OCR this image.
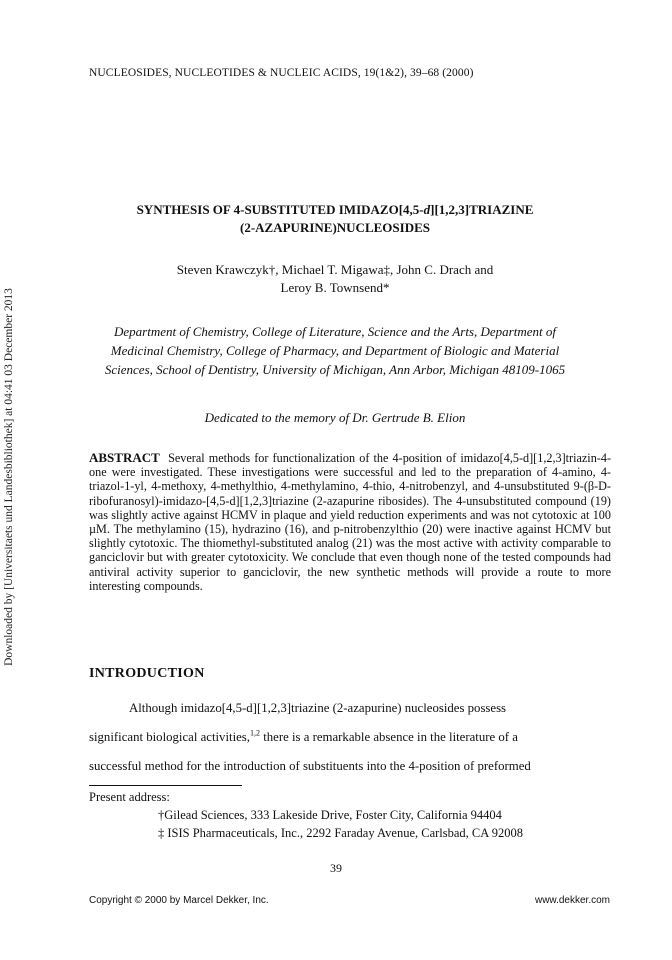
Downloaded by [Universitaets und Landesbibliothek] at 04:41 03 December 2013
NUCLEOSIDES, NUCLEOTIDES & NUCLEIC ACIDS, 19(1&2), 39–68 (2000)
SYNTHESIS OF 4-SUBSTITUTED IMIDAZO[4,5-d][1,2,3]TRIAZINE
(2-AZAPURINE)NUCLEOSIDES
Steven Krawczyk†, Michael T. Migawa‡, John C. Drach and
Leroy B. Townsend*
Department of Chemistry, College of Literature, Science and the Arts, Department of
Medicinal Chemistry, College of Pharmacy, and Department of Biologic and Material
Sciences, School of Dentistry, University of Michigan, Ann Arbor, Michigan 48109-1065
Dedicated to the memory of Dr. Gertrude B. Elion
ABSTRACT Several methods for functionalization of the 4-position of imidazo[4,5-d][1,2,3]triazin-4-one were investigated. These investigations were successful and led to the preparation of 4-amino, 4-triazol-1-yl, 4-methoxy, 4-methylthio, 4-methylamino, 4-thio, 4-nitrobenzyl, and 4-unsubstituted 9-(β-D-ribofuranosyl)-imidazo-[4,5-d][1,2,3]triazine (2-azapurine ribosides). The 4-unsubstituted compound (19) was slightly active against HCMV in plaque and yield reduction experiments and was not cytotoxic at 100 µM. The methylamino (15), hydrazino (16), and p-nitrobenzylthio (20) were inactive against HCMV but slightly cytotoxic. The thiomethyl-substituted analog (21) was the most active with activity comparable to ganciclovir but with greater cytotoxicity. We conclude that even though none of the tested compounds had antiviral activity superior to ganciclovir, the new synthetic methods will provide a route to more interesting compounds.
INTRODUCTION
Although imidazo[4,5-d][1,2,3]triazine (2-azapurine) nucleosides possess
significant biological activities,$^{1,2}$ there is a remarkable absence in the literature of a
successful method for the introduction of substituents into the 4-position of preformed
Present address:
†Gilead Sciences, 333 Lakeside Drive, Foster City, California 94404
‡ ISIS Pharmaceuticals, Inc., 2292 Faraday Avenue, Carlsbad, CA 92008
39
Copyright © 2000 by Marcel Dekker, Inc.	www.dekker.com
